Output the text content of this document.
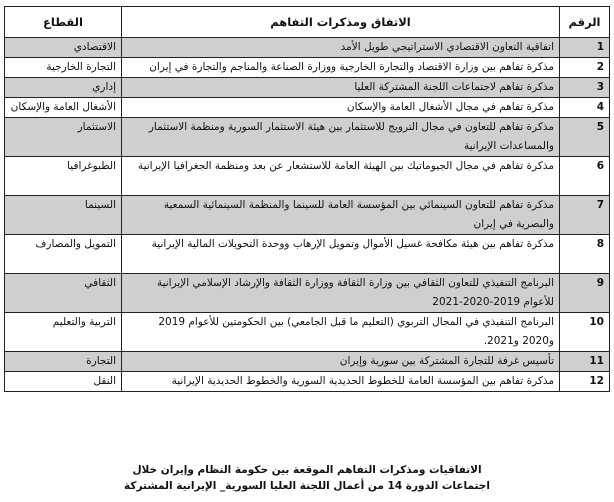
الرقم	الاتفاق ومذكرات التفاهم	القطاع
1	اتفاقية التعاون الاقتصادي الاستراتيجي طويل الأمد	الاقتصادي
2	مذكرة تفاهم بين وزارة الاقتصاد والتجارة الخارجية ووزارة الصناعة والمناجم والتجارة في إيران	التجارة الخارجية
3	مذكرة تفاهم لاجتماعات اللجنة المشتركة العليا	إداري
4	مذكرة تفاهم في مجال الأشغال العامة والإسكان	الأشغال العامة والإسكان
5	مذكرة تفاهم للتعاون في مجال الترويج للاستثمار بين هيئة الاستثمار السورية ومنظمة الاستثمار والمساعدات الإيرانية	الاستثمار
6	مذكرة تفاهم في مجال الجيوماتيك بين الهيئة العامة للاستشعار عن بعد ومنظمة الجغرافيا الإيرانية	الطبوغرافيا
7	مذكرة تفاهم للتعاون السينمائي بين المؤسسة العامة للسينما والمنظمة السينمائية السمعية والبصرية في إيران	السينما
8	مذكرة تفاهم بين هيئة مكافحة غسيل الأموال وتمويل الإرهاب ووحدة التحويلات المالية الإيرانية	التمويل والمصارف
9	البرنامج التنفيذي للتعاون الثقافي بين وزارة الثقافة ووزارة الثقافة والإرشاد الإسلامي الإيرانية للأعوام 2019-2020-2021	الثقافي
10	البرنامج التنفيذي في المجال التربوي (التعليم ما قبل الجامعي) بين الحكومتين للأعوام 2019 و2020 و2021.	التربية والتعليم
11	تأسيس غرفة للتجارة المشتركة بين سورية وإيران	التجارة
12	مذكرة تفاهم بين المؤسسة العامة للخطوط الحديدية السورية والخطوط الحديدية الإيرانية	النقل
الاتفاقيات ومذكرات التفاهم الموقعة بين حكومة النظام وإيران خلال
اجتماعات الدورة 14 من أعمال اللجنة العليا السورية_ الإيرانية المشتركة
